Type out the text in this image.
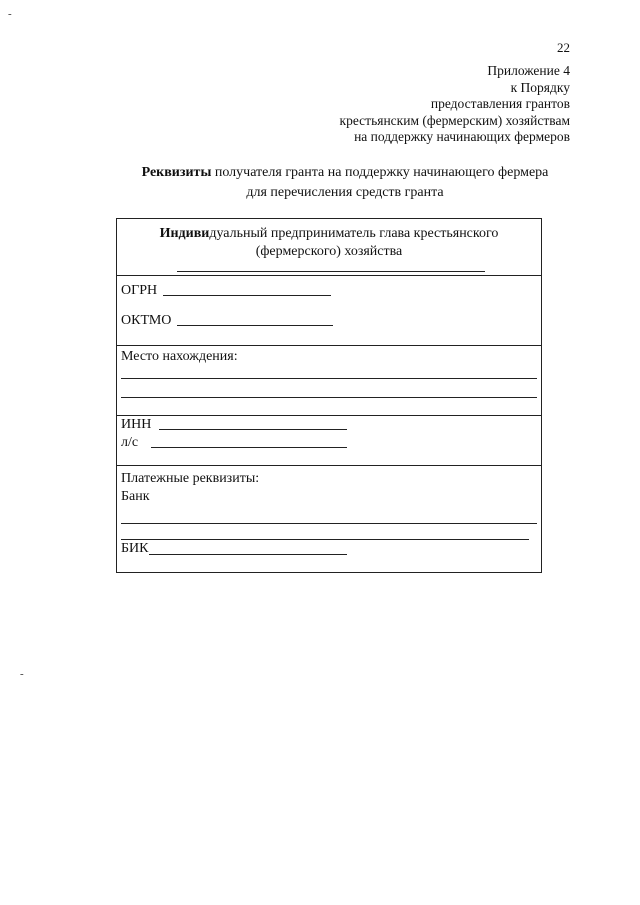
-
-
22
Приложение 4
к Порядку
предоставления грантов
крестьянским (фермерским) хозяйствам
на поддержку начинающих фермеров
Реквизиты получателя гранта на поддержку начинающего фермера
для перечисления средств гранта
Индивидуальный предприниматель глава крестьянского
(фермерского) хозяйства
ОГРН
ОКТМО
Место нахождения:
ИНН
л/с
Платежные реквизиты:
Банк
БИК
